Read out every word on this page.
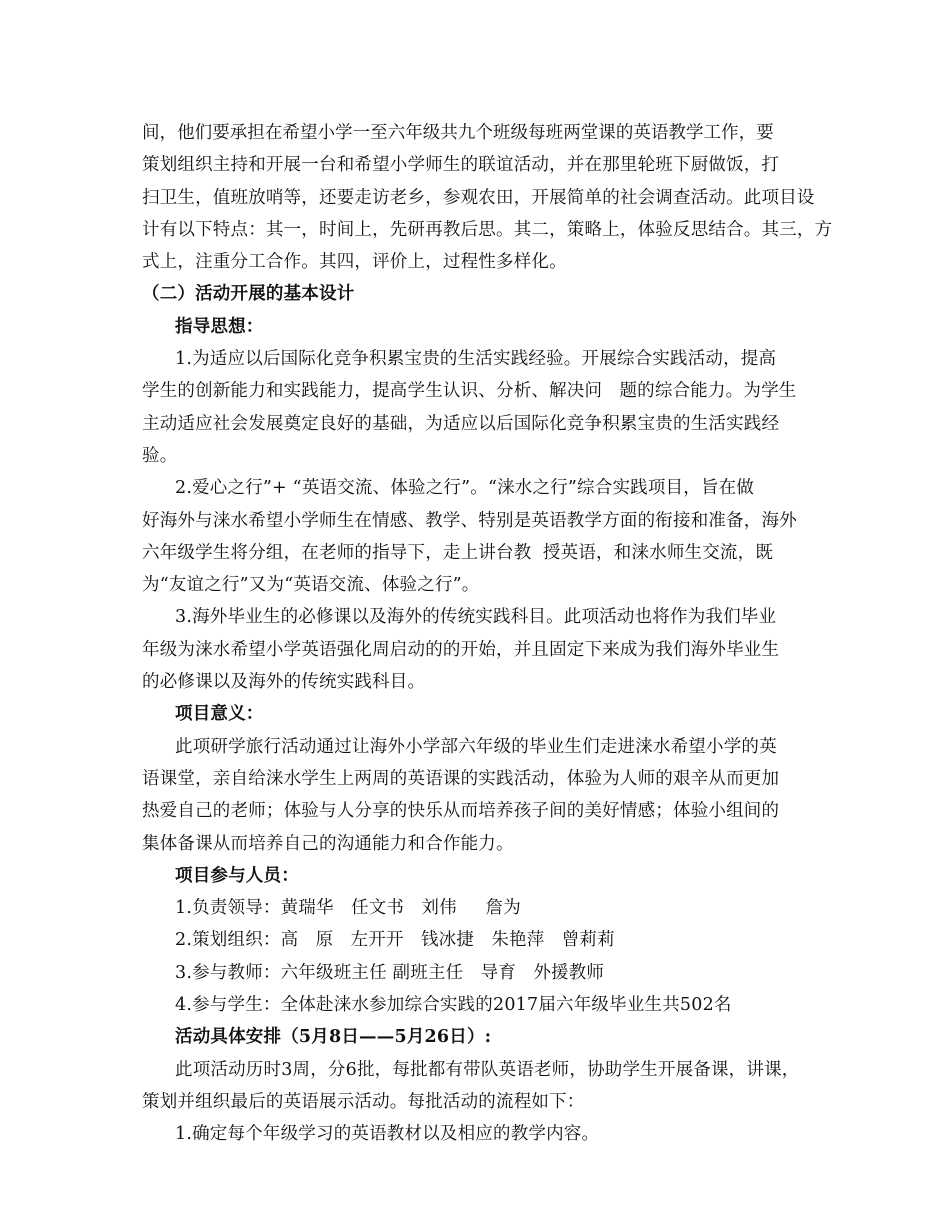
间，他们要承担在希望小学一至六年级共九个班级每班两堂课的英语教学工作，要
策划组织主持和开展一台和希望小学师生的联谊活动，并在那里轮班下厨做饭，打
扫卫生，值班放哨等，还要走访老乡，参观农田，开展简单的社会调查活动。此项目设
计有以下特点：其一，时间上，先研再教后思。其二，策略上，体验反思结合。其三，方
式上，注重分工合作。其四，评价上，过程性多样化。
（二）活动开展的基本设计
指导思想：
1.为适应以后国际化竞争积累宝贵的生活实践经验。开展综合实践活动，提高
学生的创新能力和实践能力，提高学生认识、分析、解决问   题的综合能力。为学生
主动适应社会发展奠定良好的基础，为适应以后国际化竞争积累宝贵的生活实践经
验。
2.爱心之行”+ “英语交流、体验之行”。“涞水之行”综合实践项目，旨在做
好海外与涞水希望小学师生在情感、教学、特别是英语教学方面的衔接和准备，海外
六年级学生将分组，在老师的指导下，走上讲台教  授英语，和涞水师生交流，既
为“友谊之行”又为“英语交流、体验之行”。
3.海外毕业生的必修课以及海外的传统实践科目。此项活动也将作为我们毕业
年级为涞水希望小学英语强化周启动的的开始，并且固定下来成为我们海外毕业生
的必修课以及海外的传统实践科目。
项目意义：
此项研学旅行活动通过让海外小学部六年级的毕业生们走进涞水希望小学的英
语课堂，亲自给涞水学生上两周的英语课的实践活动，体验为人师的艰辛从而更加
热爱自己的老师；体验与人分享的快乐从而培养孩子间的美好情感；体验小组间的
集体备课从而培养自己的沟通能力和合作能力。
项目参与人员：
1.负责领导：黄瑞华   任文书   刘伟     詹为
2.策划组织：高   原   左开开   钱冰捷   朱艳萍   曾莉莉
3.参与教师：六年级班主任 副班主任   导育   外援教师
4.参与学生：全体赴涞水参加综合实践的2017届六年级毕业生共502名
活动具体安排（5月8日——5月26日）:
此项活动历时3周，分6批，每批都有带队英语老师，协助学生开展备课，讲课，
策划并组织最后的英语展示活动。每批活动的流程如下：
1.确定每个年级学习的英语教材以及相应的教学内容。
